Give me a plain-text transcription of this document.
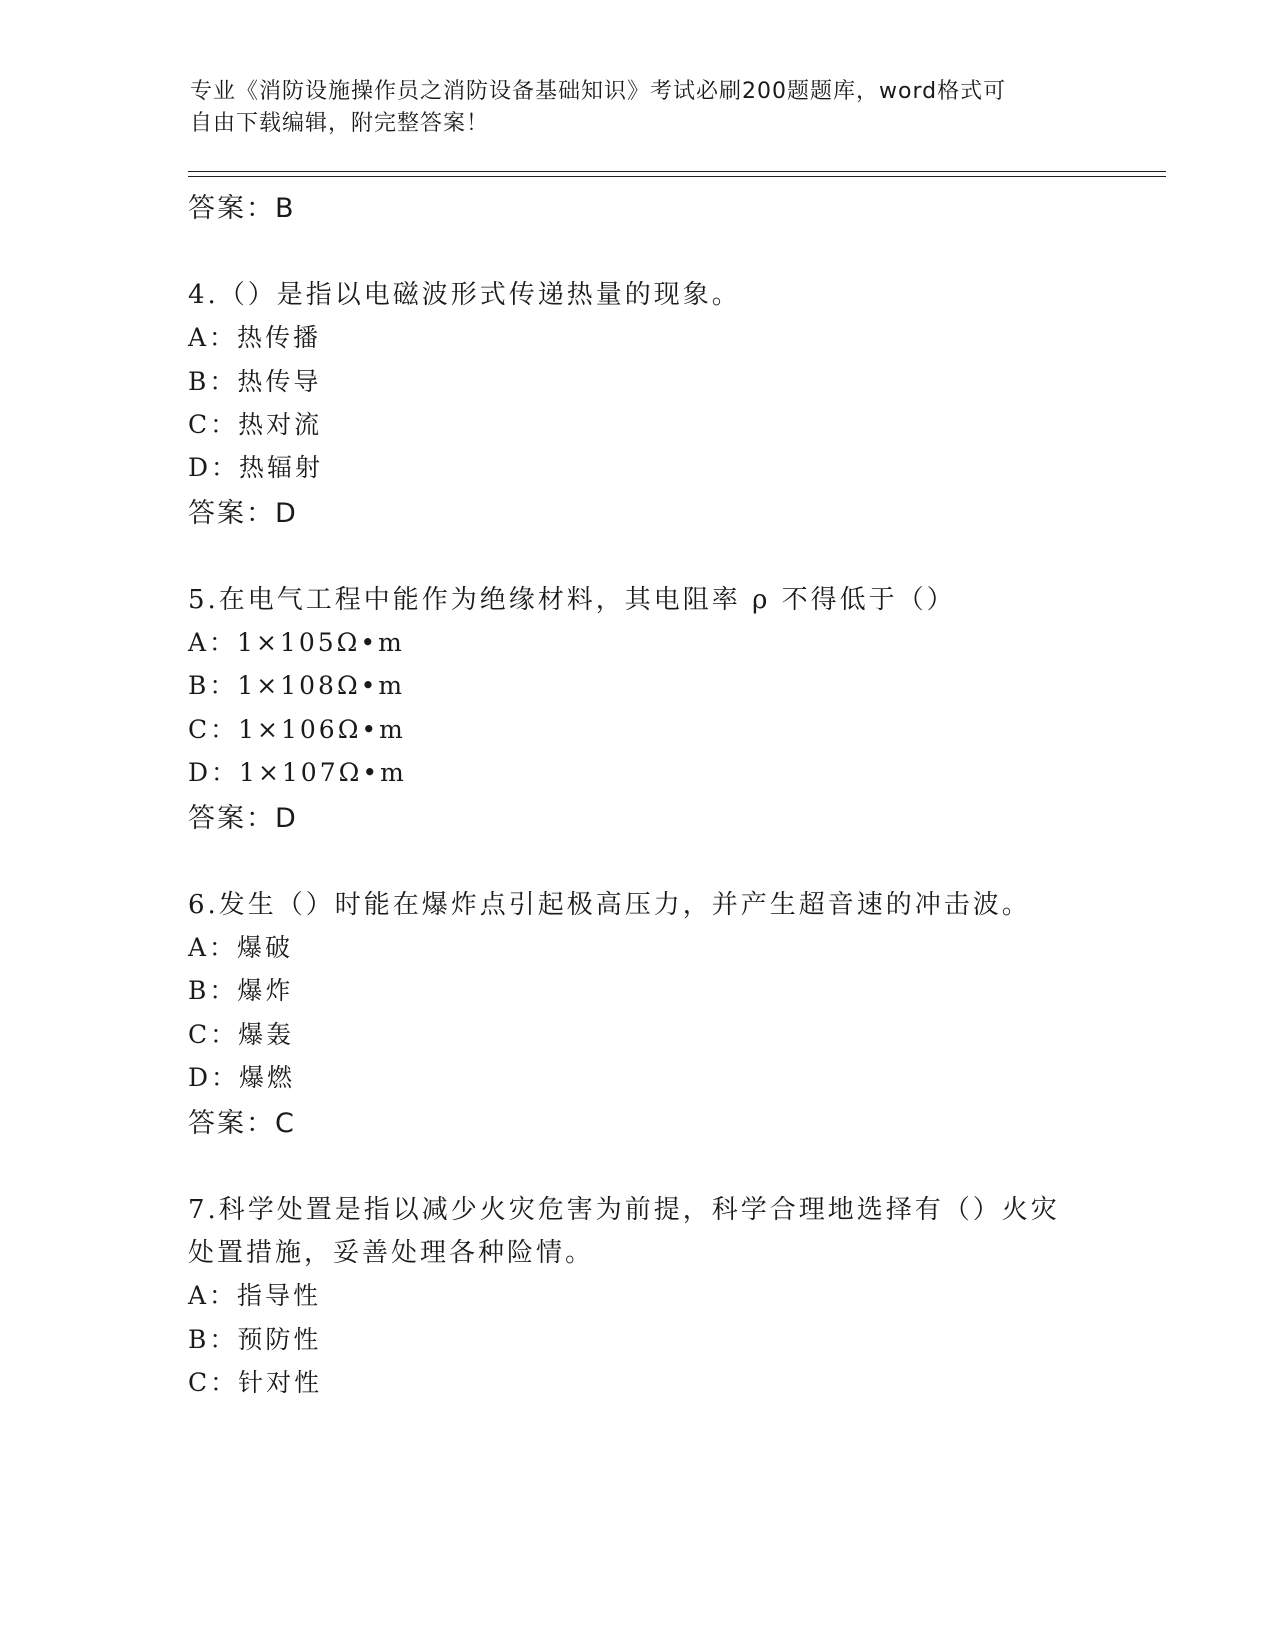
专业《消防设施操作员之消防设备基础知识》考试必刷200题题库，word格式可
自由下载编辑，附完整答案！
答案：B
4.（）是指以电磁波形式传递热量的现象。
A：热传播
B：热传导
C：热对流
D：热辐射
答案：D
5.在电气工程中能作为绝缘材料，其电阻率 ρ 不得低于（）
A：1×105Ω•m
B：1×108Ω•m
C：1×106Ω•m
D：1×107Ω•m
答案：D
6.发生（）时能在爆炸点引起极高压力，并产生超音速的冲击波。
A：爆破
B：爆炸
C：爆轰
D：爆燃
答案：C
7.科学处置是指以减少火灾危害为前提，科学合理地选择有（）火灾
处置措施，妥善处理各种险情。
A：指导性
B：预防性
C：针对性
